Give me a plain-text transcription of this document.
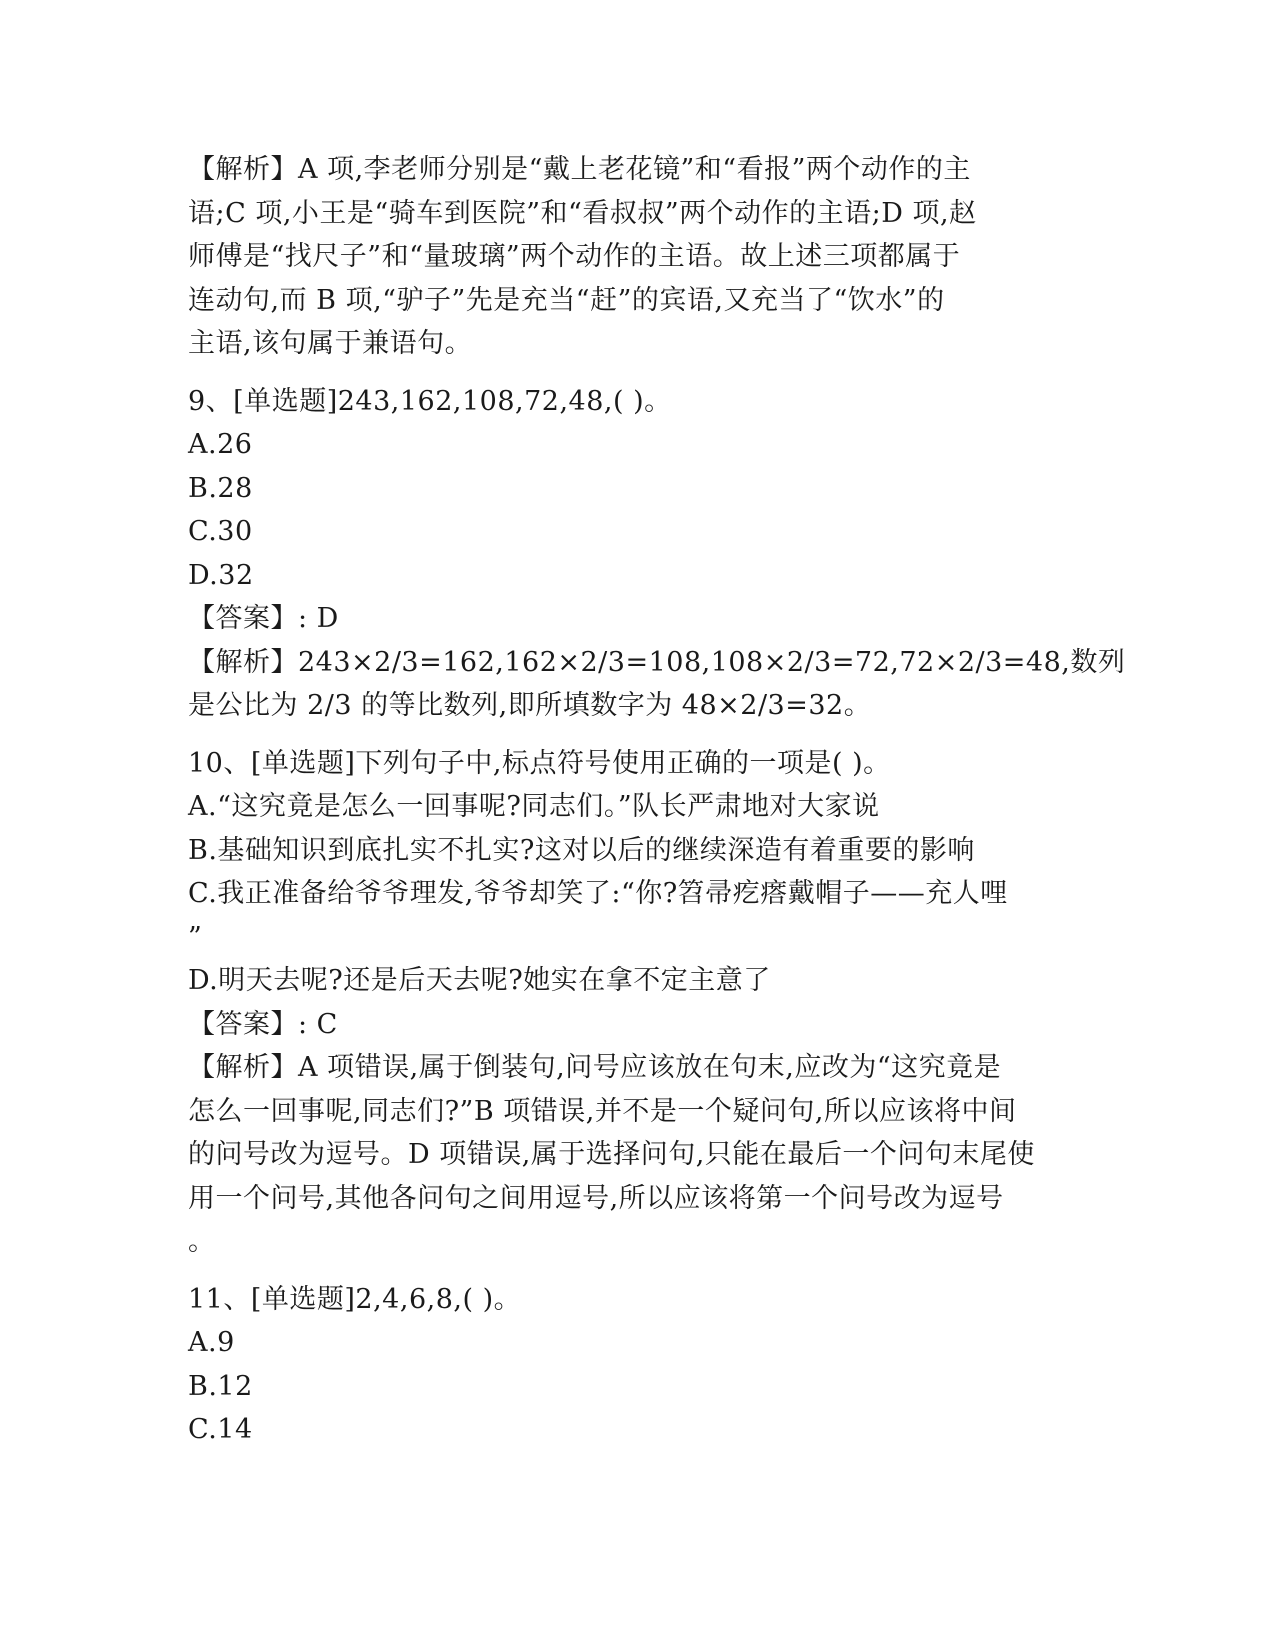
【解析】A 项,李老师分别是“戴上老花镜”和“看报”两个动作的主
语;C 项,小王是“骑车到医院”和“看叔叔”两个动作的主语;D 项,赵
师傅是“找尺子”和“量玻璃”两个动作的主语。故上述三项都属于
连动句,而 B 项,“驴子”先是充当“赶”的宾语,又充当了“饮水”的
主语,该句属于兼语句。
9、[单选题]243,162,108,72,48,( )。
A.26
B.28
C.30
D.32
【答案】: D
【解析】243×2/3=162,162×2/3=108,108×2/3=72,72×2/3=48,数列
是公比为 2/3 的等比数列,即所填数字为 48×2/3=32。
10、[单选题]下列句子中,标点符号使用正确的一项是( )。
A.“这究竟是怎么一回事呢?同志们。”队长严肃地对大家说
B.基础知识到底扎实不扎实?这对以后的继续深造有着重要的影响
C.我正准备给爷爷理发,爷爷却笑了:“你?笤帚疙瘩戴帽子——充人哩
”
D.明天去呢?还是后天去呢?她实在拿不定主意了
【答案】: C
【解析】A 项错误,属于倒装句,问号应该放在句末,应改为“这究竟是
怎么一回事呢,同志们?”B 项错误,并不是一个疑问句,所以应该将中间
的问号改为逗号。D 项错误,属于选择问句,只能在最后一个问句末尾使
用一个问号,其他各问句之间用逗号,所以应该将第一个问号改为逗号
。
11、[单选题]2,4,6,8,( )。
A.9
B.12
C.14
